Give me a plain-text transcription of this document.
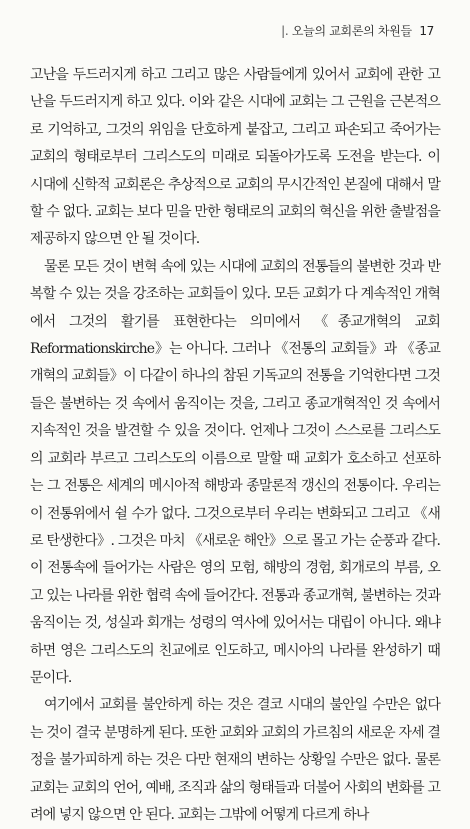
|. 오늘의 교회론의 차원들 17

고난을 두드러지게 하고 그리고 많은 사람들에게 있어서 교회에 관한 고난을 두드러지게 하고 있다. 이와 같은 시대에 교회는 그 근원을 근본적으로 기억하고, 그것의 위임을 단호하게 붙잡고, 그리고 파손되고 죽어가는 교회의 형태로부터 그리스도의 미래로 되돌아가도록 도전을 받는다. 이 시대에 신학적 교회론은 추상적으로 교회의 무시간적인 본질에 대해서 말할 수 없다. 교회는 보다 믿을 만한 형태로의 교회의 혁신을 위한 출발점을 제공하지 않으면 안 될 것이다.

물론 모든 것이 변혁 속에 있는 시대에 교회의 전통들의 불변한 것과 반복할 수 있는 것을 강조하는 교회들이 있다. 모든 교회가 다 계속적인 개혁에서 그것의 활기를 표현한다는 의미에서 《종교개혁의 교회 Reformationskirche》는 아니다. 그러나 《전통의 교회들》과 《종교개혁의 교회들》이 다같이 하나의 참된 기독교의 전통을 기억한다면 그것들은 불변하는 것 속에서 움직이는 것을, 그리고 종교개혁적인 것 속에서 지속적인 것을 발견할 수 있을 것이다. 언제나 그것이 스스로를 그리스도의 교회라 부르고 그리스도의 이름으로 말할 때 교회가 호소하고 선포하는 그 전통은 세계의 메시아적 해방과 종말론적 갱신의 전통이다. 우리는 이 전통위에서 쉴 수가 없다. 그것으로부터 우리는 변화되고 그리고 《새로 탄생한다》. 그것은 마치 《새로운 해안》으로 몰고 가는 순풍과 같다. 이 전통속에 들어가는 사람은 영의 모험, 해방의 경험, 회개로의 부름, 오고 있는 나라를 위한 협력 속에 들어간다. 전통과 종교개혁, 불변하는 것과 움직이는 것, 성실과 회개는 성령의 역사에 있어서는 대립이 아니다. 왜냐하면 영은 그리스도의 친교에로 인도하고, 메시아의 나라를 완성하기 때문이다.

여기에서 교회를 불안하게 하는 것은 결코 시대의 불안일 수만은 없다는 것이 결국 분명하게 된다. 또한 교회와 교회의 가르침의 새로운 자세 결정을 불가피하게 하는 것은 다만 현재의 변하는 상황일 수만은 없다. 물론 교회는 교회의 언어, 예배, 조직과 삶의 형태들과 더불어 사회의 변화를 고려에 넣지 않으면 안 된다. 교회는 그밖에 어떻게 다르게 하나
